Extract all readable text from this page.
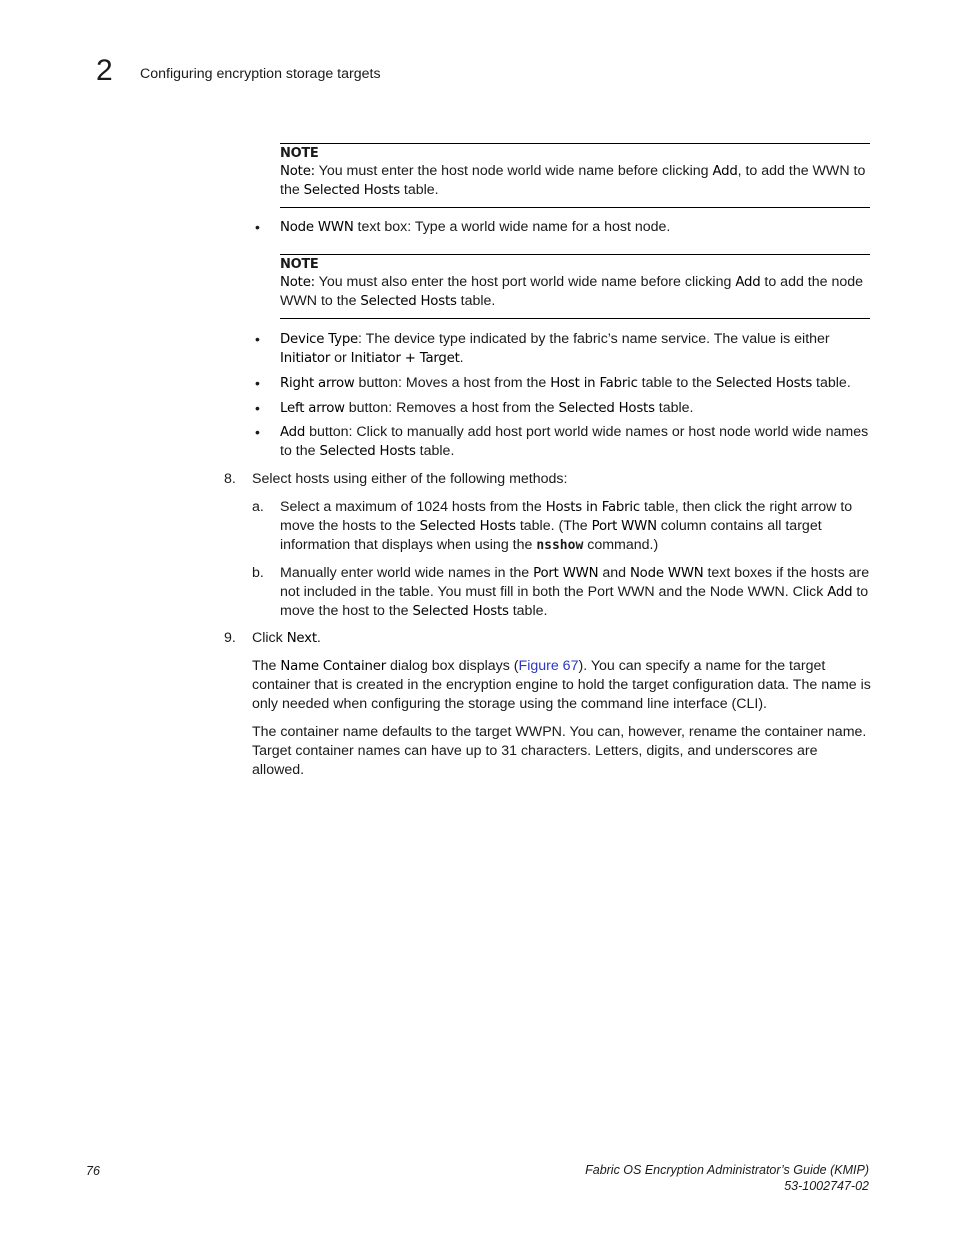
2 Configuring encryption storage targets
NOTE
Note: You must enter the host node world wide name before clicking Add, to add the WWN to the Selected Hosts table.
• Node WWN text box: Type a world wide name for a host node.
NOTE
Note: You must also enter the host port world wide name before clicking Add to add the node WWN to the Selected Hosts table.
• Device Type: The device type indicated by the fabric’s name service. The value is either Initiator or Initiator + Target.
• Right arrow button: Moves a host from the Host in Fabric table to the Selected Hosts table.
• Left arrow button: Removes a host from the Selected Hosts table.
• Add button: Click to manually add host port world wide names or host node world wide names to the Selected Hosts table.
8. Select hosts using either of the following methods:
a. Select a maximum of 1024 hosts from the Hosts in Fabric table, then click the right arrow to move the hosts to the Selected Hosts table. (The Port WWN column contains all target information that displays when using the nsshow command.)
b. Manually enter world wide names in the Port WWN and Node WWN text boxes if the hosts are not included in the table. You must fill in both the Port WWN and the Node WWN. Click Add to move the host to the Selected Hosts table.
9. Click Next.
The Name Container dialog box displays (Figure 67). You can specify a name for the target container that is created in the encryption engine to hold the target configuration data. The name is only needed when configuring the storage using the command line interface (CLI).
The container name defaults to the target WWPN. You can, however, rename the container name. Target container names can have up to 31 characters. Letters, digits, and underscores are allowed.
76	Fabric OS Encryption Administrator’s Guide (KMIP)
53-1002747-02
